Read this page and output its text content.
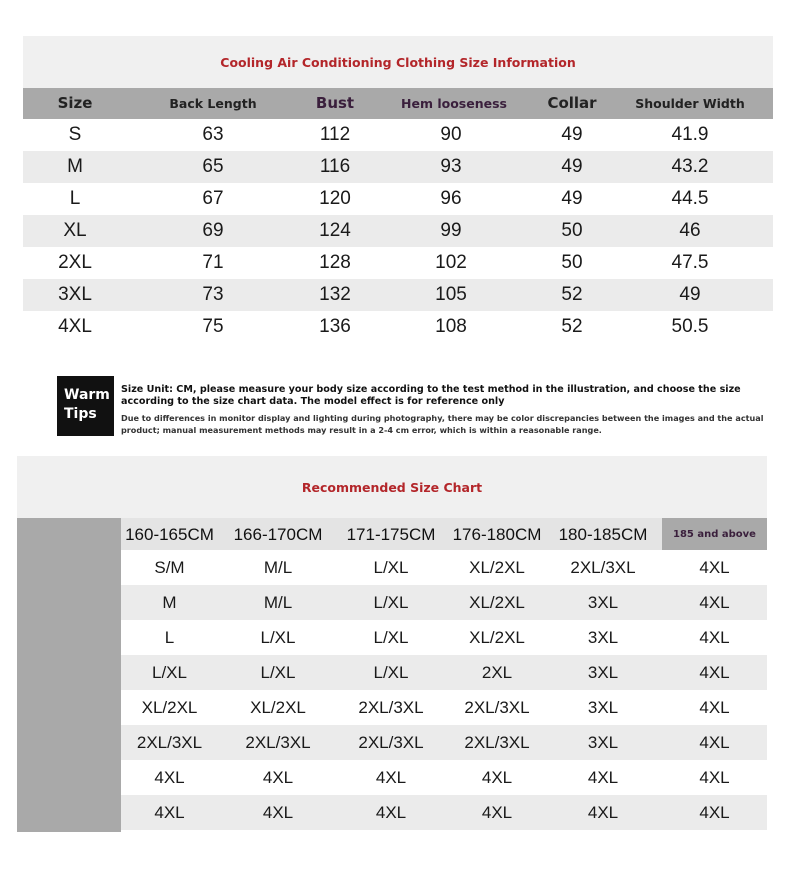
Cooling Air Conditioning Clothing Size Information
Size	Back Length	Bust	Hem looseness	Collar	Shoulder Width
S	63	112	90	49	41.9
M	65	116	93	49	43.2
L	67	120	96	49	44.5
XL	69	124	99	50	46
2XL	71	128	102	50	47.5
3XL	73	132	105	52	49
4XL	75	136	108	52	50.5
Warm
Tips
Size Unit: CM, please measure your body size according to the test method in the illustration, and choose the size according to the size chart data. The model effect is for reference only
Due to differences in monitor display and lighting during photography, there may be color discrepancies between the images and the actual product; manual measurement methods may result in a 2-4 cm error, which is within a reasonable range.
Recommended Size Chart
160-165CM	166-170CM	171-175CM	176-180CM	180-185CM	185 and above
S/M	M/L	L/XL	XL/2XL	2XL/3XL	4XL
M	M/L	L/XL	XL/2XL	3XL	4XL
L	L/XL	L/XL	XL/2XL	3XL	4XL
L/XL	L/XL	L/XL	2XL	3XL	4XL
XL/2XL	XL/2XL	2XL/3XL	2XL/3XL	3XL	4XL
2XL/3XL	2XL/3XL	2XL/3XL	2XL/3XL	3XL	4XL
4XL	4XL	4XL	4XL	4XL	4XL
4XL	4XL	4XL	4XL	4XL	4XL
